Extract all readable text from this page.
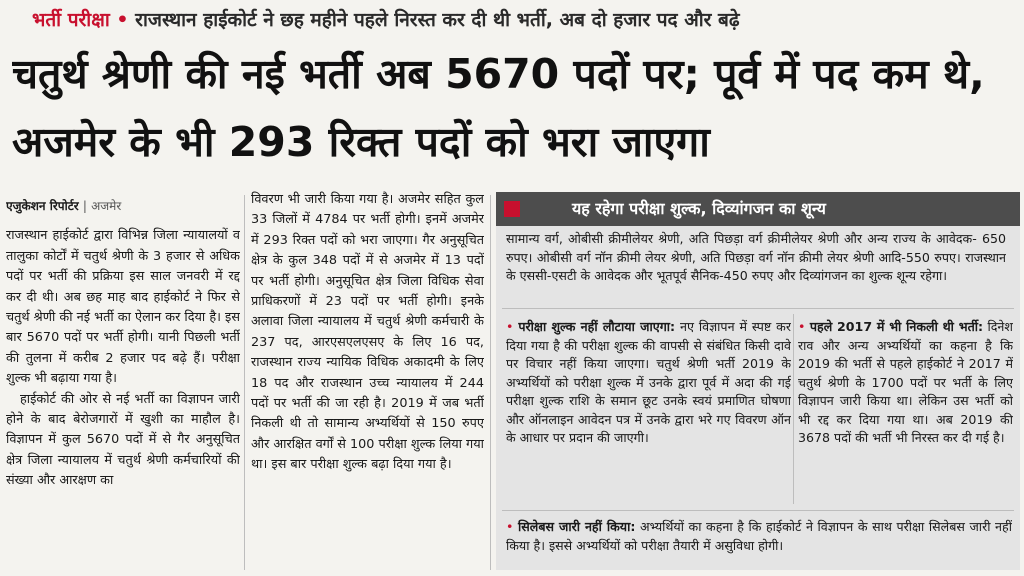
भर्ती परीक्षा • राजस्थान हाईकोर्ट ने छह महीने पहले निरस्त कर दी थी भर्ती, अब दो हजार पद और बढ़े
चतुर्थ श्रेणी की नई भर्ती अब 5670 पदों पर; पूर्व में पद कम थे, अजमेर के भी 293 रिक्त पदों को भरा जाएगा
एजुकेशन रिपोर्टर | अजमेर

राजस्थान हाईकोर्ट द्वारा विभिन्न जिला न्यायालयों व तालुका कोर्टों में चतुर्थ श्रेणी के 3 हजार से अधिक पदों पर भर्ती की प्रक्रिया इस साल जनवरी में रद्द कर दी थी। अब छह माह बाद हाईकोर्ट ने फिर से चतुर्थ श्रेणी की नई भर्ती का ऐलान कर दिया है। इस बार 5670 पदों पर भर्ती होगी। यानी पिछली भर्ती की तुलना में करीब 2 हजार पद बढ़े हैं। परीक्षा शुल्क भी बढ़ाया गया है।

हाईकोर्ट की ओर से नई भर्ती का विज्ञापन जारी होने के बाद बेरोजगारों में खुशी का माहौल है। विज्ञापन में कुल 5670 पदों में से गैर अनुसूचित क्षेत्र जिला न्यायालय में चतुर्थ श्रेणी कर्मचारियों की संख्या और आरक्षण का

विवरण भी जारी किया गया है। अजमेर सहित कुल 33 जिलों में 4784 पर भर्ती होगी। इनमें अजमेर में 293 रिक्त पदों को भरा जाएगा। गैर अनुसूचित क्षेत्र के कुल 348 पदों में से अजमेर में 13 पदों पर भर्ती होगी। अनुसूचित क्षेत्र जिला विधिक सेवा प्राधिकरणों में 23 पदों पर भर्ती होगी। इनके अलावा जिला न्यायालय में चतुर्थ श्रेणी कर्मचारी के 237 पद, आरएसएलएसए के लिए 16 पद, राजस्थान राज्य न्यायिक विधिक अकादमी के लिए 18 पद और राजस्थान उच्च न्यायालय में 244 पदों पर भर्ती की जा रही है। 2019 में जब भर्ती निकली थी तो सामान्य अभ्यर्थियों से 150 रुपए और आरक्षित वर्गों से 100 परीक्षा शुल्क लिया गया था। इस बार परीक्षा शुल्क बढ़ा दिया गया है।

यह रहेगा परीक्षा शुल्क, दिव्यांगजन का शून्य
सामान्य वर्ग, ओबीसी क्रीमीलेयर श्रेणी, अति पिछड़ा वर्ग क्रीमीलेयर श्रेणी और अन्य राज्य के आवेदक- 650 रुपए। ओबीसी वर्ग नॉन क्रीमी लेयर श्रेणी, अति पिछड़ा वर्ग नॉन क्रीमी लेयर श्रेणी आदि-550 रुपए। राजस्थान के एससी-एसटी के आवेदक और भूतपूर्व सैनिक-450 रुपए और दिव्यांगजन का शुल्क शून्य रहेगा।
• परीक्षा शुल्क नहीं लौटाया जाएगा: नए विज्ञापन में स्पष्ट कर दिया गया है की परीक्षा शुल्क की वापसी से संबंधित किसी दावे पर विचार नहीं किया जाएगा। चतुर्थ श्रेणी भर्ती 2019 के अभ्यर्थियों को परीक्षा शुल्क में उनके द्वारा पूर्व में अदा की गई परीक्षा शुल्क राशि के समान छूट उनके स्वयं प्रमाणित घोषणा और ऑनलाइन आवेदन पत्र में उनके द्वारा भरे गए विवरण ऑन के आधार पर प्रदान की जाएगी।
• पहले 2017 में भी निकली थी भर्ती: दिनेश राव और अन्य अभ्यर्थियों का कहना है कि 2019 की भर्ती से पहले हाईकोर्ट ने 2017 में चतुर्थ श्रेणी के 1700 पदों पर भर्ती के लिए विज्ञापन जारी किया था। लेकिन उस भर्ती को भी रद्द कर दिया गया था। अब 2019 की 3678 पदों की भर्ती भी निरस्त कर दी गई है।
• सिलेबस जारी नहीं किया: अभ्यर्थियों का कहना है कि हाईकोर्ट ने विज्ञापन के साथ परीक्षा सिलेबस जारी नहीं किया है। इससे अभ्यर्थियों को परीक्षा तैयारी में असुविधा होगी।
